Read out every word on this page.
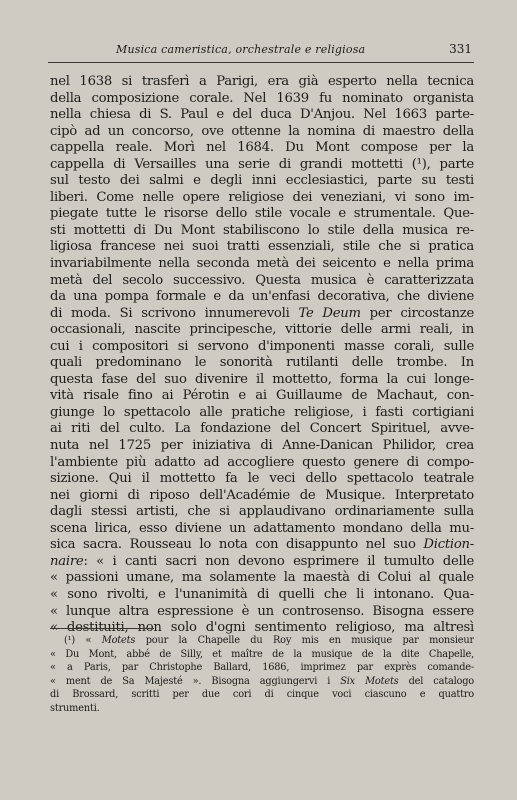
Musica cameristica, orchestrale e religiosa	331
nel 1638 si trasferì a Parigi, era già esperto nella tecnica
della composizione corale. Nel 1639 fu nominato organista
nella chiesa di S. Paul e del duca D'Anjou. Nel 1663 parte-
cipò ad un concorso, ove ottenne la nomina di maestro della
cappella reale. Morì nel 1684. Du Mont compose per la
cappella di Versailles una serie di grandi mottetti (¹), parte
sul testo dei salmi e degli inni ecclesiastici, parte su testi
liberi. Come nelle opere religiose dei veneziani, vi sono im-
piegate tutte le risorse dello stile vocale e strumentale. Que-
sti mottetti di Du Mont stabiliscono lo stile della musica re-
ligiosa francese nei suoi tratti essenziali, stile che si pratica
invariabilmente nella seconda metà dei seicento e nella prima
metà del secolo successivo. Questa musica è caratterizzata
da una pompa formale e da un'enfasi decorativa, che diviene
di moda. Si scrivono innumerevoli Te Deum per circostanze
occasionali, nascite principesche, vittorie delle armi reali, in
cui i compositori si servono d'imponenti masse corali, sulle
quali predominano le sonorità rutilanti delle trombe. In
questa fase del suo divenire il mottetto, forma la cui longe-
vità risale fino ai Pérotin e ai Guillaume de Machaut, con-
giunge lo spettacolo alle pratiche religiose, i fasti cortigiani
ai riti del culto. La fondazione del Concert Spirituel, avve-
nuta nel 1725 per iniziativa di Anne-Danican Philidor, crea
l'ambiente più adatto ad accogliere questo genere di compo-
sizione. Qui il mottetto fa le veci dello spettacolo teatrale
nei giorni di riposo dell'Académie de Musique. Interpretato
dagli stessi artisti, che si applaudivano ordinariamente sulla
scena lirica, esso diviene un adattamento mondano della mu-
sica sacra. Rousseau lo nota con disappunto nel suo Diction-
naire: « i canti sacri non devono esprimere il tumulto delle
« passioni umane, ma solamente la maestà di Colui al quale
« sono rivolti, e l'unanimità di quelli che li intonano. Qua-
« lunque altra espressione è un controsenso. Bisogna essere
« destituiti, non solo d'ogni sentimento religioso, ma altresì
(¹) « Motets pour la Chapelle du Roy mis en musique par monsieur
« Du Mont, abbé de Silly, et maître de la musique de la dite Chapelle,
« a Paris, par Christophe Ballard, 1686, imprimez par exprès comande-
« ment de Sa Majesté ». Bisogna aggiungervi i Six Motets del catalogo
di Brossard, scritti per due cori di cinque voci ciascuno e quattro
strumenti.
